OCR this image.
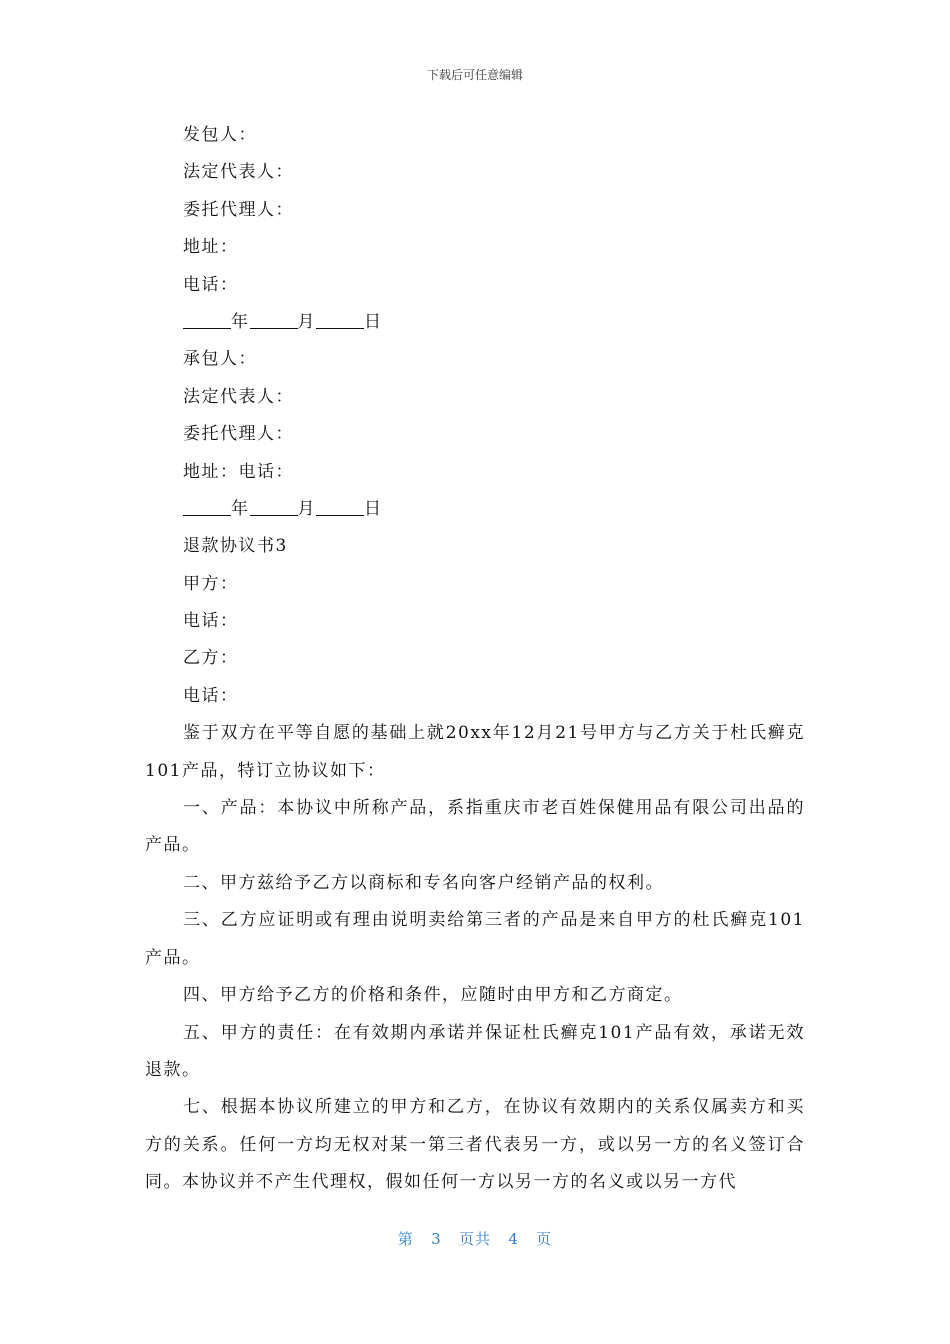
下载后可任意编辑
发包人：
法定代表人：
委托代理人：
地址：
电话：
年	月	日
承包人：
法定代表人：
委托代理人：
地址：电话：
年	月	日
退款协议书3
甲方：
电话：
乙方：
电话：

鉴于双方在平等自愿的基础上就20xx年12月21号甲方与乙方关于杜氏癣克101产品，特订立协议如下：

一、产品：本协议中所称产品，系指重庆市老百姓保健用品有限公司出品的产品。

二、甲方兹给予乙方以商标和专名向客户经销产品的权利。

三、乙方应证明或有理由说明卖给第三者的产品是来自甲方的杜氏癣克101产品。

四、甲方给予乙方的价格和条件，应随时由甲方和乙方商定。

五、甲方的责任：在有效期内承诺并保证杜氏癣克101产品有效，承诺无效退款。

七、根据本协议所建立的甲方和乙方，在协议有效期内的关系仅属卖方和买方的关系。任何一方均无权对某一第三者代表另一方，或以另一方的名义签订合同。本协议并不产生代理权，假如任何一方以另一方的名义或以另一方代

第 3 页共 4 页
